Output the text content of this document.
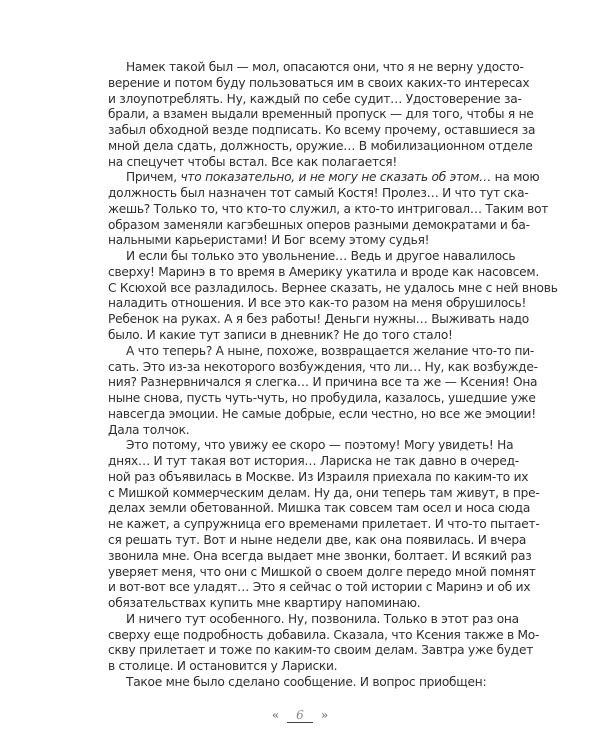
Намек такой был — мол, опасаются они, что я не верну удосто-
верение и потом буду пользоваться им в своих каких-то интересах
и злоупотреблять. Ну, каждый по себе судит… Удостоверение за-
брали, а взамен выдали временный пропуск — для того, чтобы я не
забыл обходной везде подписать. Ко всему прочему, оставшиеся за
мной дела сдать, должность, оружие… В мобилизационном отделе
на спецучет чтобы встал. Все как полагается!
Причем, что показательно, и не могу не сказать об этом… на мою
должность был назначен тот самый Костя! Пролез… И что тут ска-
жешь? Только то, что кто-то служил, а кто-то интриговал… Таким вот
образом заменяли кагэбешных оперов разными демократами и ба-
нальными карьеристами! И Бог всему этому судья!
И если бы только это увольнение… Ведь и другое навалилось
сверху! Маринэ в то время в Америку укатила и вроде как насовсем.
С Ксюхой все разладилось. Вернее сказать, не удалось мне с ней вновь
наладить отношения. И все это как-то разом на меня обрушилось!
Ребенок на руках. А я без работы! Деньги нужны… Выживать надо
было. И какие тут записи в дневник? Не до того стало!
А что теперь? А ныне, похоже, возвращается желание что-то пи-
сать. Это из-за некоторого возбуждения, что ли… Ну, как возбужде-
ния? Разнервничался я слегка… И причина все та же — Ксения! Она
ныне снова, пусть чуть-чуть, но пробудила, казалось, ушедшие уже
навсегда эмоции. Не самые добрые, если честно, но все же эмоции!
Дала толчок.
Это потому, что увижу ее скоро — поэтому! Могу увидеть! На
днях… И тут такая вот история… Лариска не так давно в очеред-
ной раз объявилась в Москве. Из Израиля приехала по каким-то их
с Мишкой коммерческим делам. Ну да, они теперь там живут, в пре-
делах земли обетованной. Мишка так совсем там осел и носа сюда
не кажет, а супружница его временами прилетает. И что-то пытает-
ся решать тут. Вот и ныне недели две, как она появилась. И вчера
звонила мне. Она всегда выдает мне звонки, болтает. И всякий раз
уверяет меня, что они с Мишкой о своем долге передо мной помнят
и вот-вот все уладят… Это я сейчас о той истории с Маринэ и об их
обязательствах купить мне квартиру напоминаю.
И ничего тут особенного. Ну, позвонила. Только в этот раз она
сверху еще подробность добавила. Сказала, что Ксения также в Мо-
скву прилетает и тоже по каким-то своим делам. Завтра уже будет
в столице. И остановится у Лариски.
Такое мне было сделано сообщение. И вопрос приобщен:
« 6 »
